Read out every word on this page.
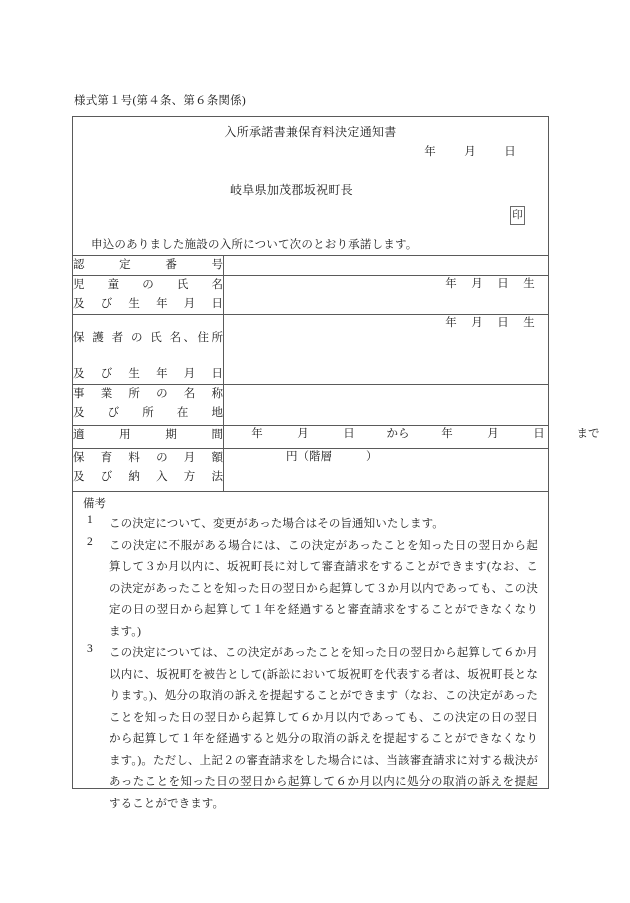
様式第１号(第４条、第６条関係)
入所承諾書兼保育料決定通知書
年 月 日
岐阜県加茂郡坂祝町長
印
申込のありました施設の入所について次のとおり承諾します。
認　定　番　号	

児　童　の　氏　名
及　び　生　年　月　日	年 月 日 生

保 護 者 の 氏 名、住所
及　び　生　年　月　日	年 月 日 生

事　業　所　の　名　称
及　び　所　在　地	

適　　用　　期　　間	年 月 日 から 年 月 日 まで

保　育　料　の　月　額
及　び　納　入　方　法	円（階層 ）
備考
1	この決定について、変更があった場合はその旨通知いたします。
2	この決定に不服がある場合には、この決定があったことを知った日の翌日から起算して３か月以内に、坂祝町長に対して審査請求をすることができます(なお、この決定があったことを知った日の翌日から起算して３か月以内であっても、この決定の日の翌日から起算して１年を経過すると審査請求をすることができなくなります。)
3	この決定については、この決定があったことを知った日の翌日から起算して６か月以内に、坂祝町を被告として(訴訟において坂祝町を代表する者は、坂祝町長となります。)、処分の取消の訴えを提起することができます（なお、この決定があったことを知った日の翌日から起算して６か月以内であっても、この決定の日の翌日から起算して１年を経過すると処分の取消の訴えを提起することができなくなります。)。ただし、上記２の審査請求をした場合には、当該審査請求に対する裁決があったことを知った日の翌日から起算して６か月以内に処分の取消の訴えを提起することができます。
